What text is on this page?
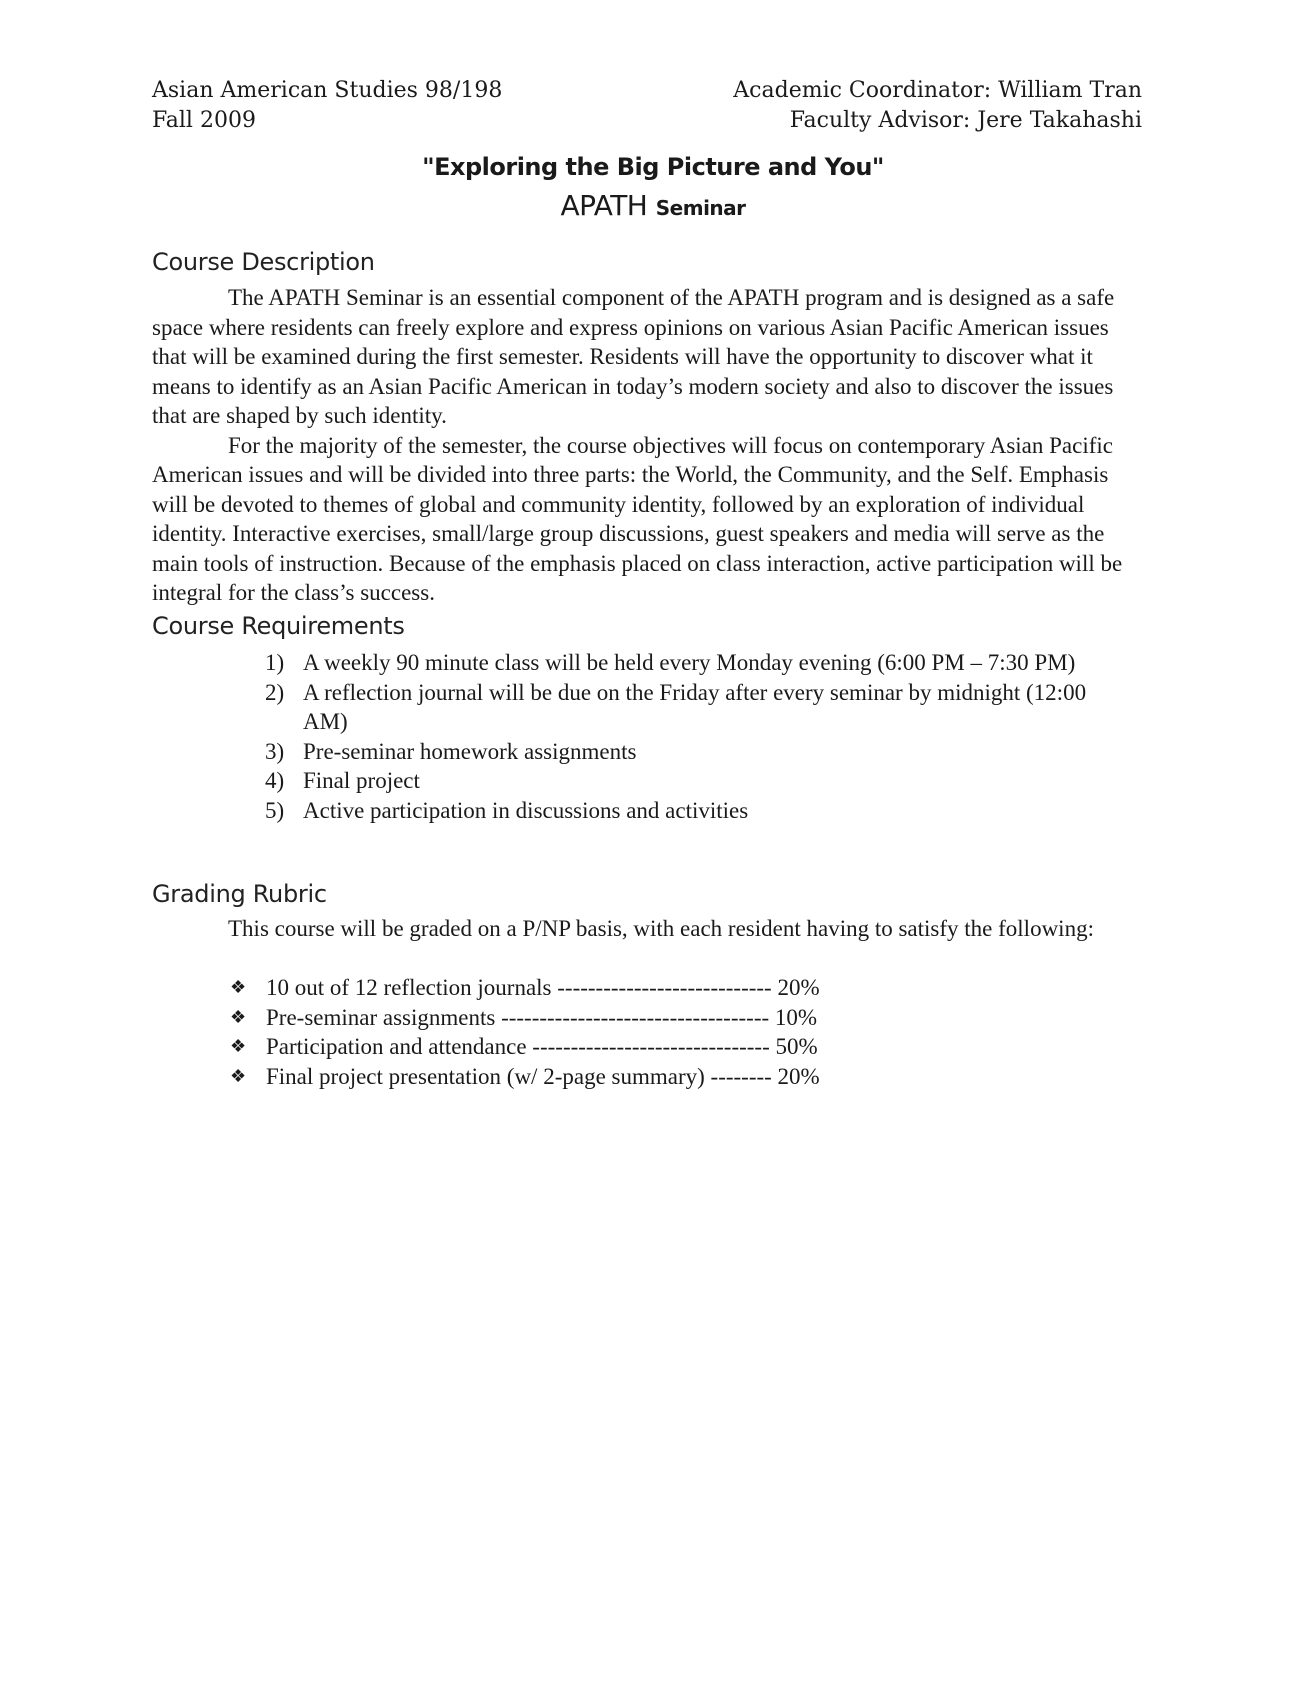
Asian American Studies 98/198
Fall 2009
Academic Coordinator: William Tran
Faculty Advisor: Jere Takahashi
"Exploring the Big Picture and You"
APATH Seminar
Course Description

The APATH Seminar is an essential component of the APATH program and is designed as a safe space where residents can freely explore and express opinions on various Asian Pacific American issues that will be examined during the first semester. Residents will have the opportunity to discover what it means to identify as an Asian Pacific American in today’s modern society and also to discover the issues that are shaped by such identity.

For the majority of the semester, the course objectives will focus on contemporary Asian Pacific American issues and will be divided into three parts: the World, the Community, and the Self. Emphasis will be devoted to themes of global and community identity, followed by an exploration of individual identity. Interactive exercises, small/large group discussions, guest speakers and media will serve as the main tools of instruction. Because of the emphasis placed on class interaction, active participation will be integral for the class’s success.

Course Requirements
1) A weekly 90 minute class will be held every Monday evening (6:00 PM – 7:30 PM)
2) A reflection journal will be due on the Friday after every seminar by midnight (12:00 AM)
3) Pre-seminar homework assignments
4) Final project
5) Active participation in discussions and activities
Grading Rubric

This course will be graded on a P/NP basis, with each resident having to satisfy the following:

❖ 10 out of 12 reflection journals ---------------------------- 20%
❖ Pre-seminar assignments ----------------------------------- 10%
❖ Participation and attendance ------------------------------- 50%
❖ Final project presentation (w/ 2-page summary) -------- 20%
